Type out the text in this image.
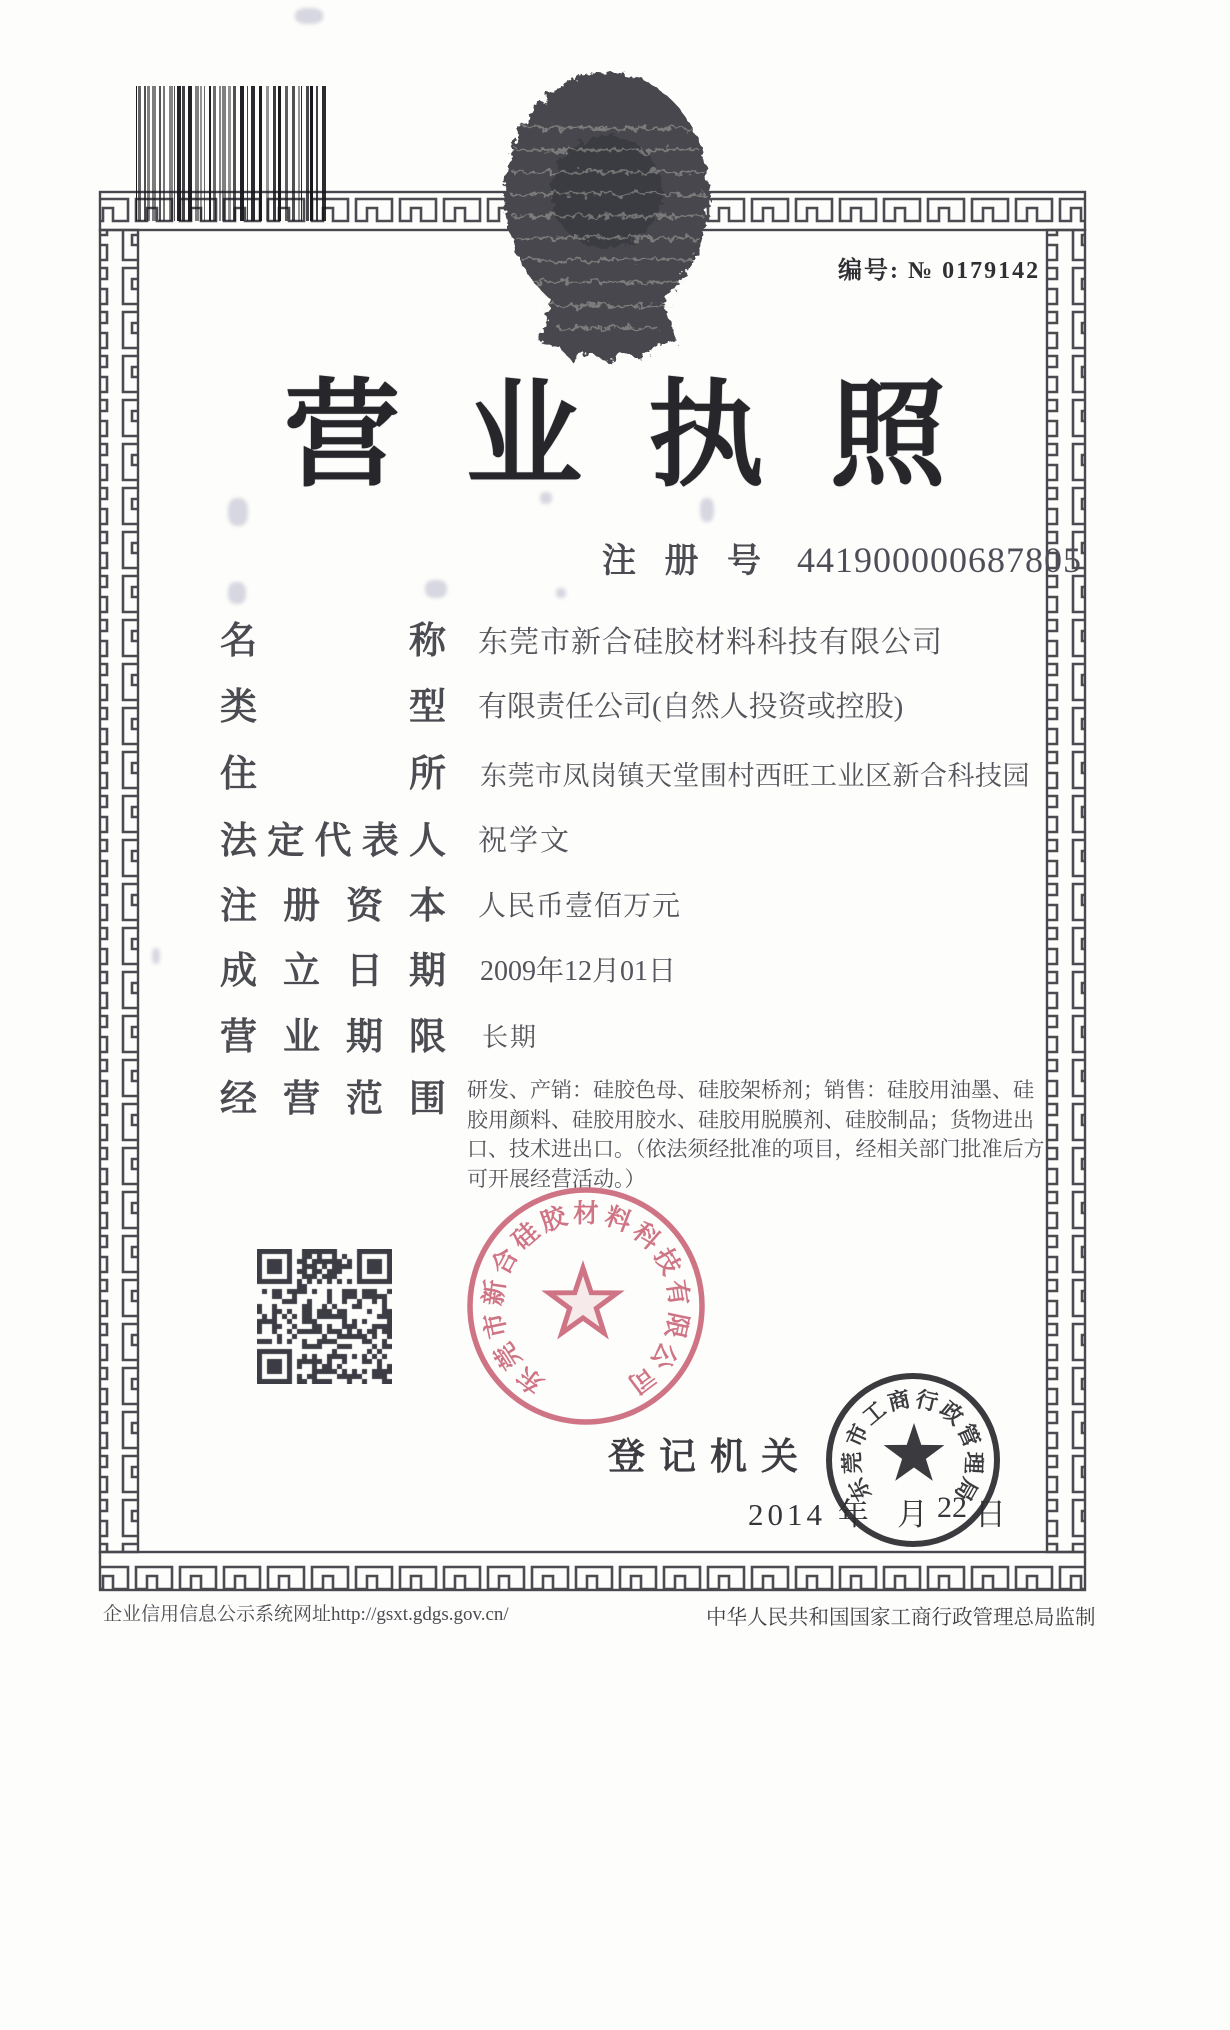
编号: № 0179142
营 业 执 照
注 册 号 441900000687805
名	称 东莞市新合硅胶材料科技有限公司
类	型 有限责任公司(自然人投资或控股)
住	所 东莞市凤岗镇天堂围村西旺工业区新合科技园
法 定 代 表 人 祝学文
注 册 资 本 人民币壹佰万元
成 立 日 期 2009年12月01日
营 业 期 限 长期
经 营 范 围 研发、产销：硅胶色母、硅胶架桥剂；销售：硅胶用油墨、硅胶用颜料、硅胶用胶水、硅胶用脱膜剂、硅胶制品；货物进出口、技术进出口。（依法须经批准的项目，经相关部门批准后方可开展经营活动。）
登记机关
2014 年 月 22 日
东
莞
市
新
合
硅
胶 材 料
科
技
有
限
公
司
东
莞
市
工
商 行
政
管
理
局
企业信用信息公示系统网址http://gsxt.gdgs.gov.cn/	中华人民共和国国家工商行政管理总局监制
